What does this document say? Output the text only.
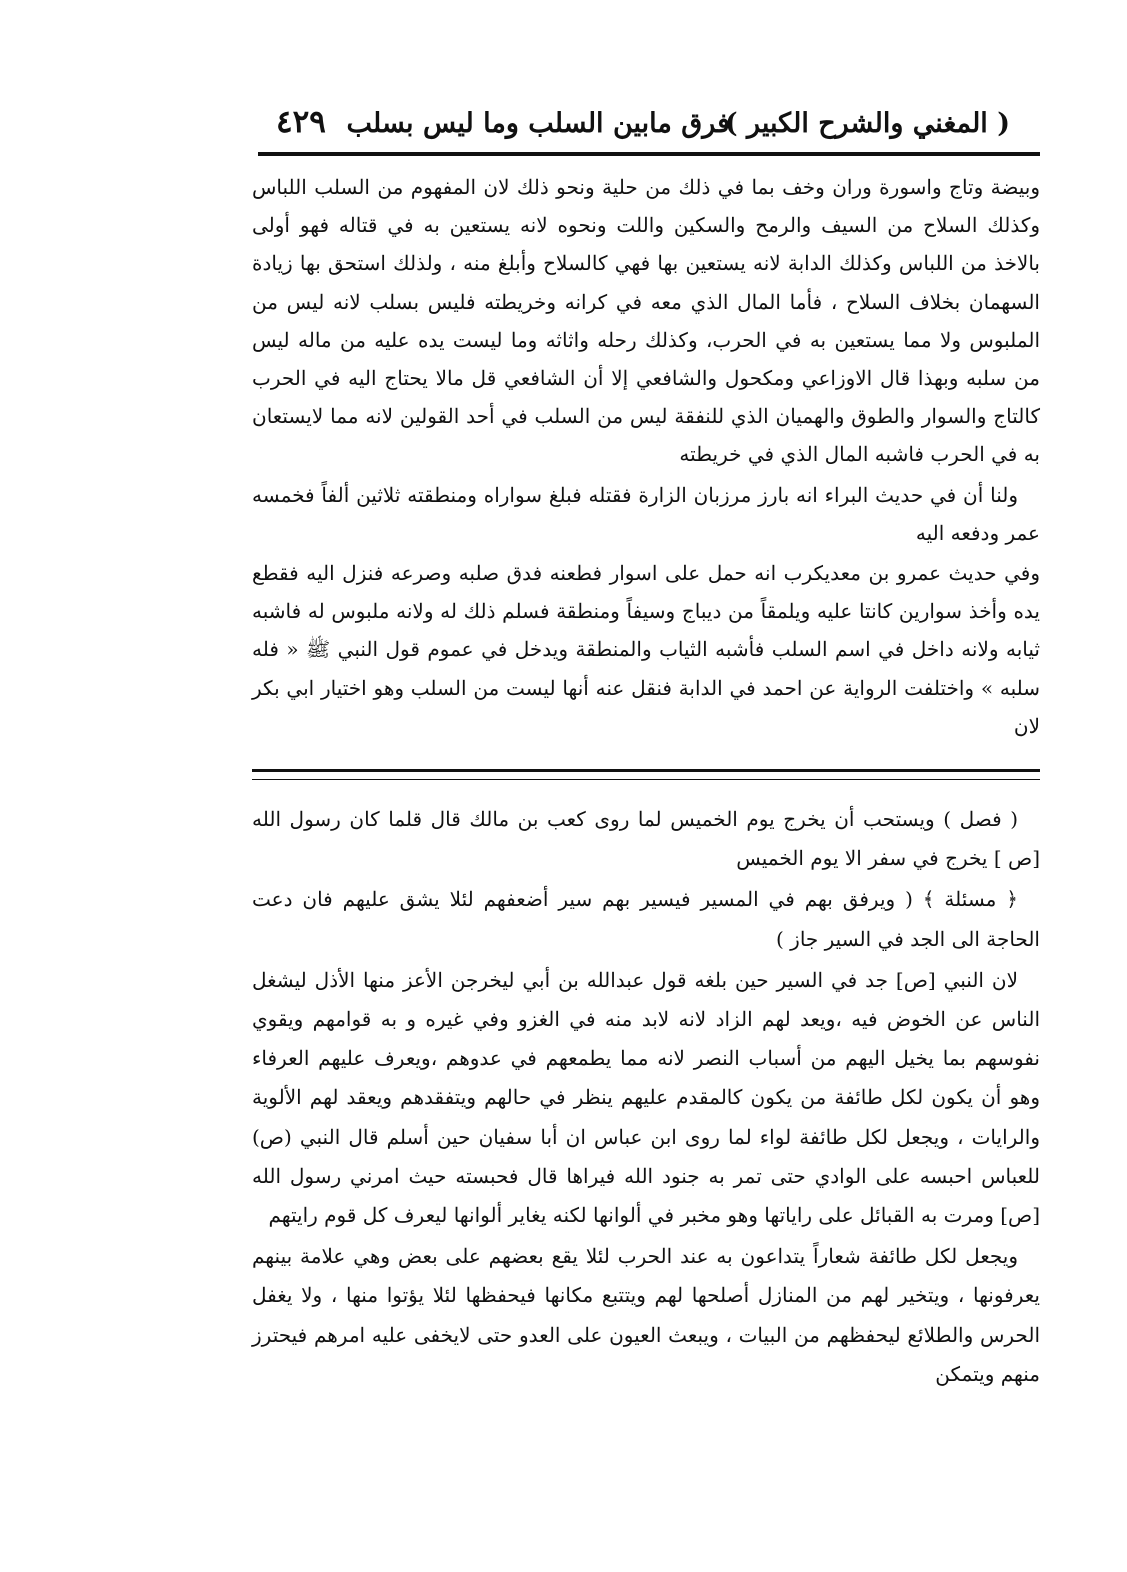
( المغني والشرح الكبير )
فرق مابين السلب وما ليس بسلب
٤٢٩

وبيضة وتاج واسورة وران وخف بما في ذلك من حلية ونحو ذلك لان المفهوم من السلب اللباس وكذلك السلاح من السيف والرمح والسكين واللت ونحوه لانه يستعين به في قتاله فهو أولى بالاخذ من اللباس وكذلك الدابة لانه يستعين بها فهي كالسلاح وأبلغ منه ، ولذلك استحق بها زيادة السهمان بخلاف السلاح ، فأما المال الذي معه في كرانه وخريطته فليس بسلب لانه ليس من الملبوس ولا مما يستعين به في الحرب، وكذلك رحله واثاثه وما ليست يده عليه من ماله ليس من سلبه وبهذا قال الاوزاعي ومكحول والشافعي إلا أن الشافعي قل مالا يحتاج اليه في الحرب كالتاج والسوار والطوق والهميان الذي للنفقة ليس من السلب في أحد القولين لانه مما لايستعان به في الحرب فاشبه المال الذي في خريطته

ولنا أن في حديث البراء انه بارز مرزبان الزارة فقتله فبلغ سواراه ومنطقته ثلاثين ألفاً فخمسه عمر ودفعه اليه

وفي حديث عمرو بن معديكرب انه حمل على اسوار فطعنه فدق صلبه وصرعه فنزل اليه فقطع يده وأخذ سوارين كانتا عليه ويلمقاً من ديباج وسيفاً ومنطقة فسلم ذلك له ولانه ملبوس له فاشبه ثيابه ولانه داخل في اسم السلب فأشبه الثياب والمنطقة ويدخل في عموم قول النبي ﷺ « فله سلبه » واختلفت الرواية عن احمد في الدابة فنقل عنه أنها ليست من السلب وهو اختيار ابي بكر لان

( فصل ) ويستحب أن يخرج يوم الخميس لما روى كعب بن مالك قال قلما كان رسول الله [ص ] يخرج في سفر الا يوم الخميس

﴿ مسئلة ﴾ ( ويرفق بهم في المسير فيسير بهم سير أضعفهم لئلا يشق عليهم فان دعت الحاجة الى الجد في السير جاز )

لان النبي [ص] جد في السير حين بلغه قول عبدالله بن أبي ليخرجن الأعز منها الأذل ليشغل الناس عن الخوض فيه ،ويعد لهم الزاد لانه لابد منه في الغزو وفي غيره و به قوامهم ويقوي نفوسهم بما يخيل اليهم من أسباب النصر لانه مما يطمعهم في عدوهم ،ويعرف عليهم العرفاء وهو أن يكون لكل طائفة من يكون كالمقدم عليهم ينظر في حالهم ويتفقدهم ويعقد لهم الألوية والرايات ، ويجعل لكل طائفة لواء لما روى ابن عباس ان أبا سفيان حين أسلم قال النبي (ص) للعباس احبسه على الوادي حتى تمر به جنود الله فيراها قال فحبسته حيث امرني رسول الله [ص] ومرت به القبائل على راياتها وهو مخبر في ألوانها لكنه يغاير ألوانها ليعرف كل قوم رايتهم

ويجعل لكل طائفة شعاراً يتداعون به عند الحرب لئلا يقع بعضهم على بعض وهي علامة بينهم يعرفونها ، ويتخير لهم من المنازل أصلحها لهم ويتتبع مكانها فيحفظها لئلا يؤتوا منها ، ولا يغفل الحرس والطلائع ليحفظهم من البيات ، ويبعث العيون على العدو حتى لايخفى عليه امرهم فيحترز منهم ويتمكن
